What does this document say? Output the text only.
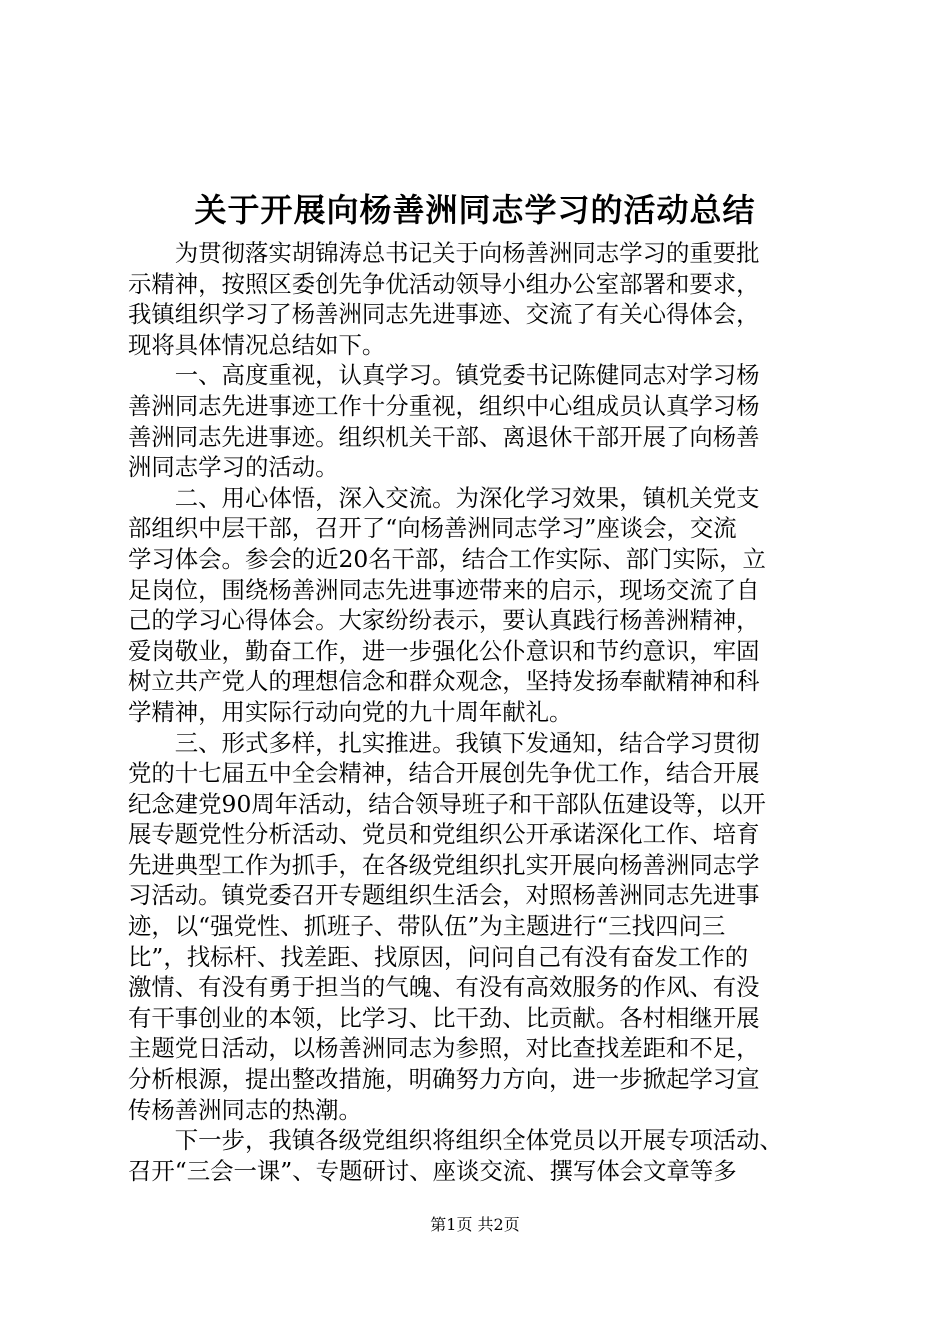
关于开展向杨善洲同志学习的活动总结
　　为贯彻落实胡锦涛总书记关于向杨善洲同志学习的重要批
示精神，按照区委创先争优活动领导小组办公室部署和要求，
我镇组织学习了杨善洲同志先进事迹、交流了有关心得体会，
现将具体情况总结如下。
　　一、高度重视，认真学习。镇党委书记陈健同志对学习杨
善洲同志先进事迹工作十分重视，组织中心组成员认真学习杨
善洲同志先进事迹。组织机关干部、离退休干部开展了向杨善
洲同志学习的活动。
　　二、用心体悟，深入交流。为深化学习效果，镇机关党支
部组织中层干部，召开了“向杨善洲同志学习”座谈会，交流
学习体会。参会的近20名干部，结合工作实际、部门实际，立
足岗位，围绕杨善洲同志先进事迹带来的启示，现场交流了自
己的学习心得体会。大家纷纷表示，要认真践行杨善洲精神，
爱岗敬业，勤奋工作，进一步强化公仆意识和节约意识，牢固
树立共产党人的理想信念和群众观念，坚持发扬奉献精神和科
学精神，用实际行动向党的九十周年献礼。
　　三、形式多样，扎实推进。我镇下发通知，结合学习贯彻
党的十七届五中全会精神，结合开展创先争优工作，结合开展
纪念建党90周年活动，结合领导班子和干部队伍建设等，以开
展专题党性分析活动、党员和党组织公开承诺深化工作、培育
先进典型工作为抓手，在各级党组织扎实开展向杨善洲同志学
习活动。镇党委召开专题组织生活会，对照杨善洲同志先进事
迹，以“强党性、抓班子、带队伍”为主题进行“三找四问三
比”，找标杆、找差距、找原因，问问自己有没有奋发工作的
激情、有没有勇于担当的气魄、有没有高效服务的作风、有没
有干事创业的本领，比学习、比干劲、比贡献。各村相继开展
主题党日活动，以杨善洲同志为参照，对比查找差距和不足，
分析根源，提出整改措施，明确努力方向，进一步掀起学习宣
传杨善洲同志的热潮。
　　下一步，我镇各级党组织将组织全体党员以开展专项活动、
召开“三会一课”、专题研讨、座谈交流、撰写体会文章等多
第1页 共2页
